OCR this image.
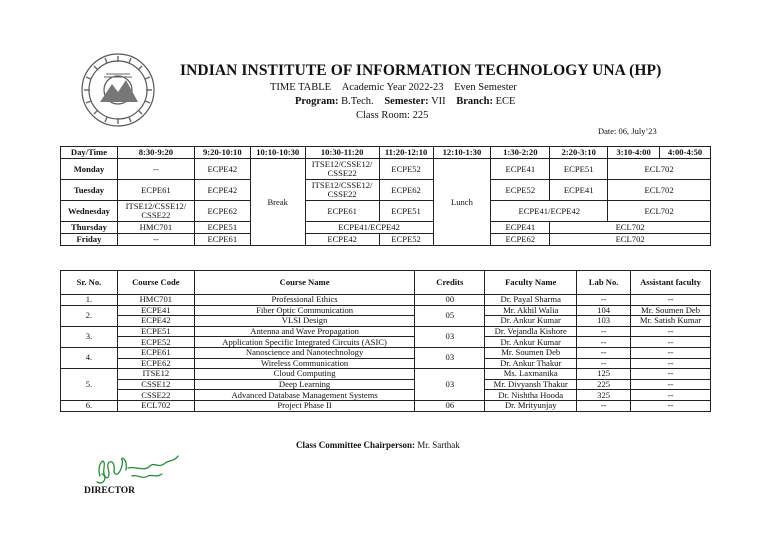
INDIAN INSTITUTE OF INFORMATION TECHNOLOGY UNA (HP)
TIME TABLE Academic Year 2022-23 Even Semester
Program: B.Tech. Semester: VII Branch: ECE
Class Room: 225
Date: 06, July’23
Day/Time	8:30-9:20	9:20-10:10	10:10-10:30	10:30-11:20	11:20-12:10	12:10-1:30	1:30-2:20	2:20-3:10	3:10-4:00	4:00-4:50
Monday	--	ECPE42	Break	ITSE12/CSSE12/ CSSE22	ECPE52	Lunch	ECPE41	ECPE51	ECL702	
Tuesday	ECPE61	ECPE42		ITSE12/CSSE12/ CSSE22	ECPE62		ECPE52	ECPE41	ECL702	
Wednesday	ITSE12/CSSE12/ CSSE22	ECPE62		ECPE61	ECPE51		ECPE41/ECPE42		ECL702	
Thursday	HMC701	ECPE51		ECPE41/ECPE42			ECPE41	ECL702		
Friday	--	ECPE61		ECPE42	ECPE52		ECPE62	ECL702		
Sr. No.	Course Code	Course Name	Credits	Faculty Name	Lab No.	Assistant faculty
1.	HMC701	Professional Ethics	00	Dr. Payal Sharma	--	--
2.	ECPE41	Fiber Optic Communication	05	Mr. Akhil Walia	104	Mr. Soumen Deb
	ECPE42	VLSI Design		Dr. Ankur Kumar	103	Mr. Satish Kumar
3.	ECPE51	Antenna and Wave Propagation	03	Dr. Vejandla Kishore	--	--
	ECPE52	Application Specific Integrated Circuits (ASIC)		Dr. Ankur Kumar	--	--
4.	ECPE61	Nanoscience and Nanotechnology	03	Mr. Soumen Deb	--	--
	ECPE62	Wireless Communication		Dr. Ankur Thakur	--	--
5.	ITSE12	Cloud Computing	03	Ms. Laxmanika	125	--
	CSSE12	Deep Learning		Mr. Divyansh Thakur	225	--
	CSSE22	Advanced Database Management Systems		Dr. Nishtha Hooda	325	--
6.	ECL702	Project Phase II	06	Dr. Mrityunjay	--	--
Class Committee Chairperson: Mr. Sarthak
DIRECTOR
